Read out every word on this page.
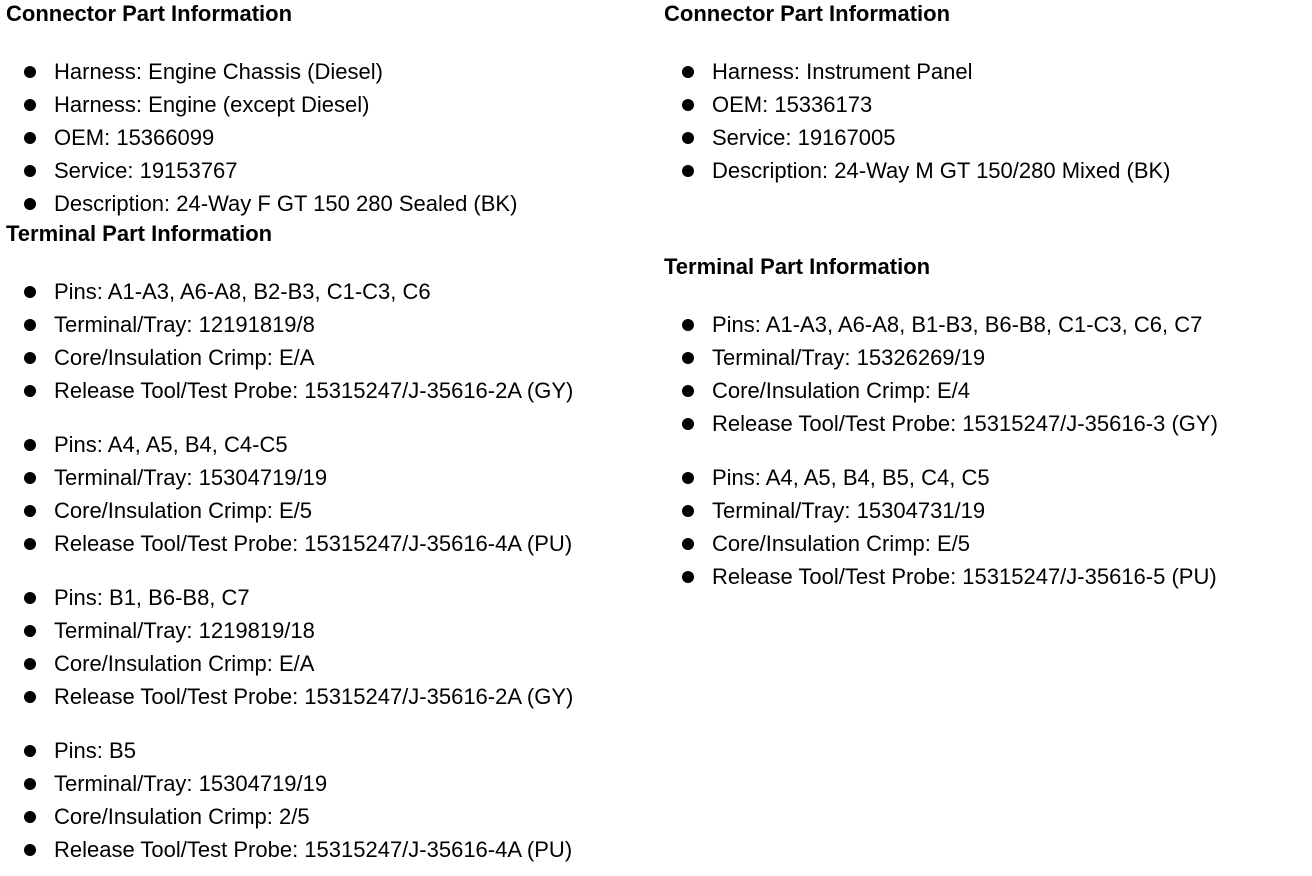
Connector Part Information
Harness: Engine Chassis (Diesel)
Harness: Engine (except Diesel)
OEM: 15366099
Service: 19153767
Description: 24-Way F GT 150 280 Sealed (BK)
Terminal Part Information
Pins: A1-A3, A6-A8, B2-B3, C1-C3, C6
Terminal/Tray: 12191819/8
Core/Insulation Crimp: E/A
Release Tool/Test Probe: 15315247/J-35616-2A (GY)
Pins: A4, A5, B4, C4-C5
Terminal/Tray: 15304719/19
Core/Insulation Crimp: E/5
Release Tool/Test Probe: 15315247/J-35616-4A (PU)
Pins: B1, B6-B8, C7
Terminal/Tray: 1219819/18
Core/Insulation Crimp: E/A
Release Tool/Test Probe: 15315247/J-35616-2A (GY)
Pins: B5
Terminal/Tray: 15304719/19
Core/Insulation Crimp: 2/5
Release Tool/Test Probe: 15315247/J-35616-4A (PU)
Connector Part Information
Harness: Instrument Panel
OEM: 15336173
Service: 19167005
Description: 24-Way M GT 150/280 Mixed (BK)
Terminal Part Information
Pins: A1-A3, A6-A8, B1-B3, B6-B8, C1-C3, C6, C7
Terminal/Tray: 15326269/19
Core/Insulation Crimp: E/4
Release Tool/Test Probe: 15315247/J-35616-3 (GY)
Pins: A4, A5, B4, B5, C4, C5
Terminal/Tray: 15304731/19
Core/Insulation Crimp: E/5
Release Tool/Test Probe: 15315247/J-35616-5 (PU)
